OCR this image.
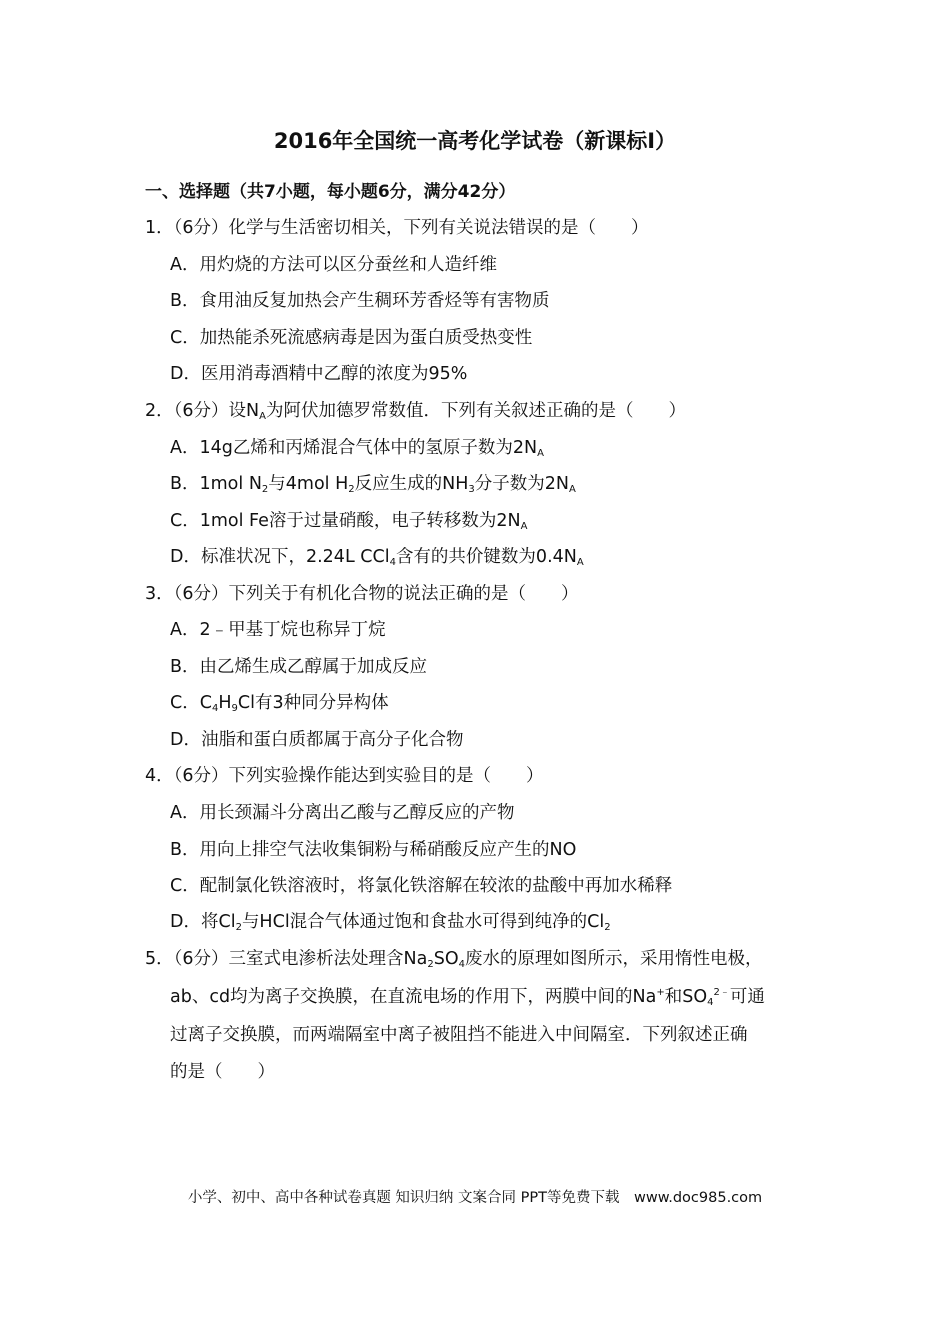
2016年全国统一高考化学试卷（新课标I）
一、选择题（共7小题，每小题6分，满分42分）
1．（6分）化学与生活密切相关，下列有关说法错误的是（　　）
A．用灼烧的方法可以区分蚕丝和人造纤维
B．食用油反复加热会产生稠环芳香烃等有害物质
C．加热能杀死流感病毒是因为蛋白质受热变性
D．医用消毒酒精中乙醇的浓度为95%
2．（6分）设$N_A$为阿伏加德罗常数值．下列有关叙述正确的是（　　）
A．14g乙烯和丙烯混合气体中的氢原子数为$2N_A$
B．1mol $N_2$与4mol $H_2$反应生成的$NH_3$分子数为$2N_A$
C．1mol Fe溶于过量硝酸，电子转移数为$2N_A$
D．标准状况下，2.24L CCl$_4$含有的共价键数为$0.4N_A$
3．（6分）下列关于有机化合物的说法正确的是（　　）
A．2﹣甲基丁烷也称异丁烷
B．由乙烯生成乙醇属于加成反应
C．$C_4H_9Cl$有3种同分异构体
D．油脂和蛋白质都属于高分子化合物
4．（6分）下列实验操作能达到实验目的是（　　）
A．用长颈漏斗分离出乙酸与乙醇反应的产物
B．用向上排空气法收集铜粉与稀硝酸反应产生的NO
C．配制氯化铁溶液时，将氯化铁溶解在较浓的盐酸中再加水稀释
D．将$Cl_2$与HCl混合气体通过饱和食盐水可得到纯净的$Cl_2$
5．（6分）三室式电渗析法处理含$Na_2SO_4$废水的原理如图所示，采用惰性电极，
ab、cd均为离子交换膜，在直流电场的作用下，两膜中间的Na+和$SO_4^{2﹣}$可通
过离子交换膜，而两端隔室中离子被阻挡不能进入中间隔室．下列叙述正确
的是（　　）
小学、初中、高中各种试卷真题 知识归纳 文案合同 PPT等免费下载　www.doc985.com
